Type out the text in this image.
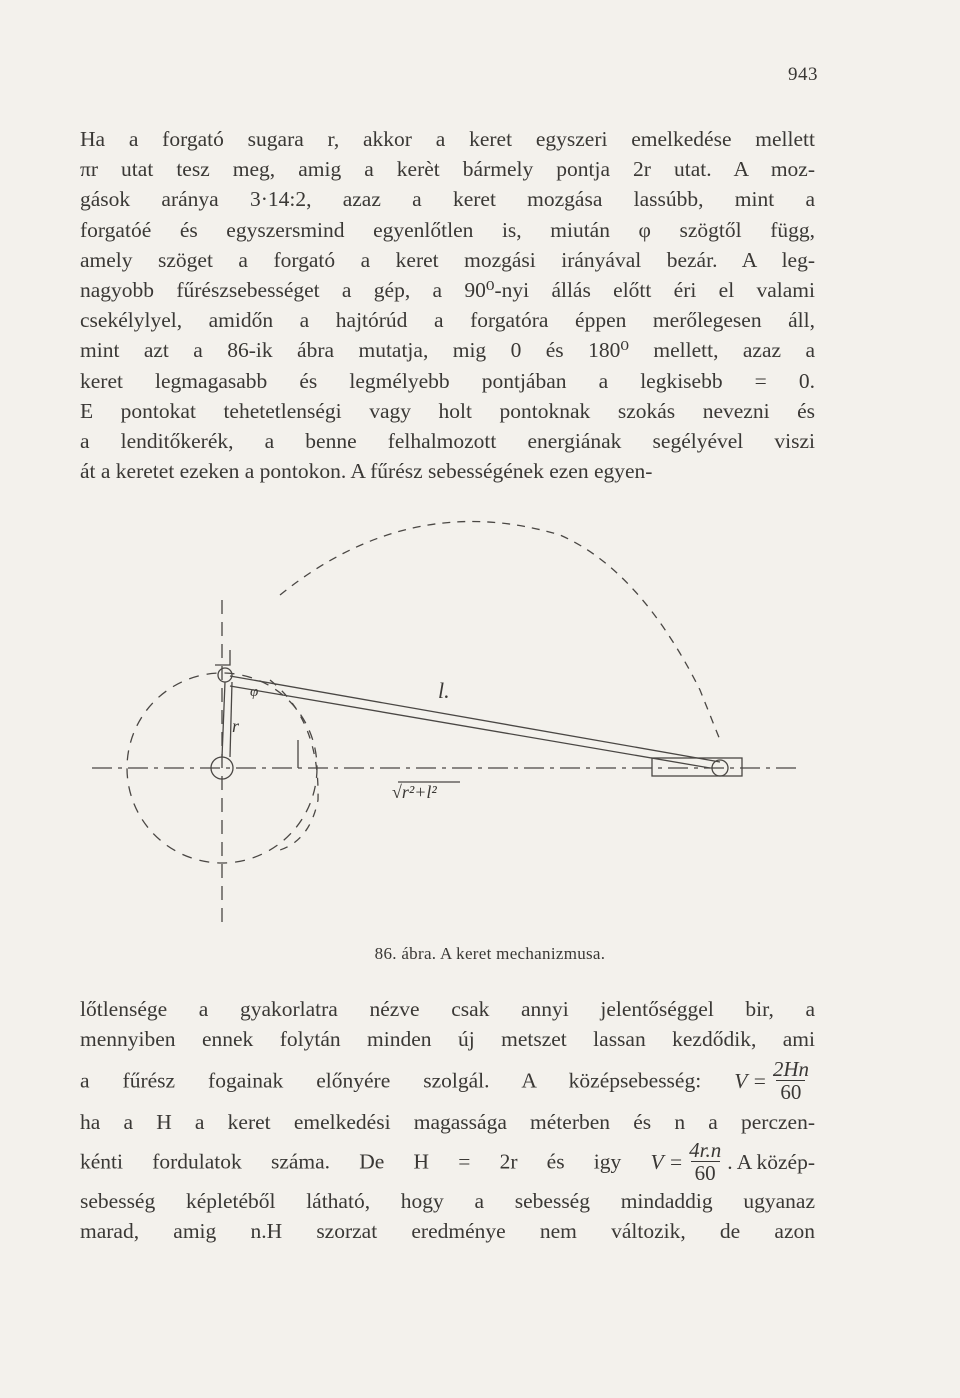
943
Ha a forgató sugara r, akkor a keret egyszeri emelkedése mellett
πr utat tesz meg, amig a kerèt bármely pontja 2r utat. A moz-
gások aránya 3·14:2, azaz a keret mozgása lassúbb, mint a
forgatóé és egyszersmind egyenlőtlen is, miután φ szögtől függ,
amely szöget a forgató a keret mozgási irányával bezár. A leg-
nagyobb fűrészsebességet a gép, a 90⁰-nyi állás előtt éri el valami
csekélylyel, amidőn a hajtórúd a forgatóra éppen merőlegesen áll,
mint azt a 86-ik ábra mutatja, mig 0 és 180⁰ mellett, azaz a
keret legmagasabb és legmélyebb pontjában a legkisebb = 0.
E pontokat tehetetlenségi vagy holt pontoknak szokás nevezni és
a lenditőkerék, a benne felhalmozott energiának segélyével viszi
át a keretet ezeken a pontokon. A fűrész sebességének ezen egyen-
l.
r
φ
√r²+l²
86. ábra. A keret mechanizmusa.
lőtlensége a gyakorlatra nézve csak annyi jelentőséggel bir, a
mennyiben ennek folytán minden új metszet lassan kezdődik, ami
a fűrész fogainak előnyére szolgál. A középsebesség: $V = \frac{2Hn}{60}$
ha a H a keret emelkedési magassága méterben és n a perczen-
kénti fordulatok száma. De H = 2r és igy $V = \frac{4r.n}{60}$ . A közép-
sebesség képletéből látható, hogy a sebesség mindaddig ugyanaz
marad, amig n.H szorzat eredménye nem változik, de azon
